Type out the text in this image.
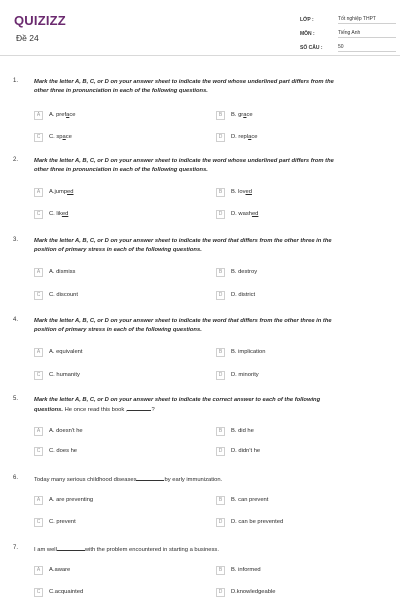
QUIZIZZ
Đề 24
LỚP :	Tốt nghiệp THPT
MÔN :	Tiếng Anh
SỐ CÂU :	50
1.	Mark the letter A, B, C, or D on your answer sheet to indicate the word whose underlined part differs from the
other three in pronunciation in each of the following questions.
A	A. preface	B	B. grace
C	C. space	D	D. replace
2.	Mark the letter A, B, C, or D on your answer sheet to indicate the word whose underlined part differs from the
other three in pronunciation in each of the following questions.
A	A.jumped	B	B. loved
C	C. liked	D	D. washed
3.	Mark the letter A, B, C, or D on your answer sheet to indicate the word that differs from the other three in the
position of primary stress in each of the following questions.
A	A. dismiss	B	B. destroy
C	C. discount	D	D. district
4.	Mark the letter A, B, C, or D on your answer sheet to indicate the word that differs from the other three in the
position of primary stress in each of the following questions.
A	A. equivalent	B	B. implication
C	C. humanity	D	D. minority
5.	Mark the letter A, B, C, or D on your answer sheet to indicate the correct answer to each of the following
questions. He once read this book ,	?
A	A. doesn't he	B	B. did he
C	C. does he	D	D. didn't he
6.	Today many serious childhood diseases	by early immunization.
A	A. are preventing	B	B. can prevent
C	C. prevent	D	D. can be prevented
7.	I am well	with the problem encountered in starting a business.
A	A.aware	B	B. informed
C	C.acquainted	D	D.knowledgeable
